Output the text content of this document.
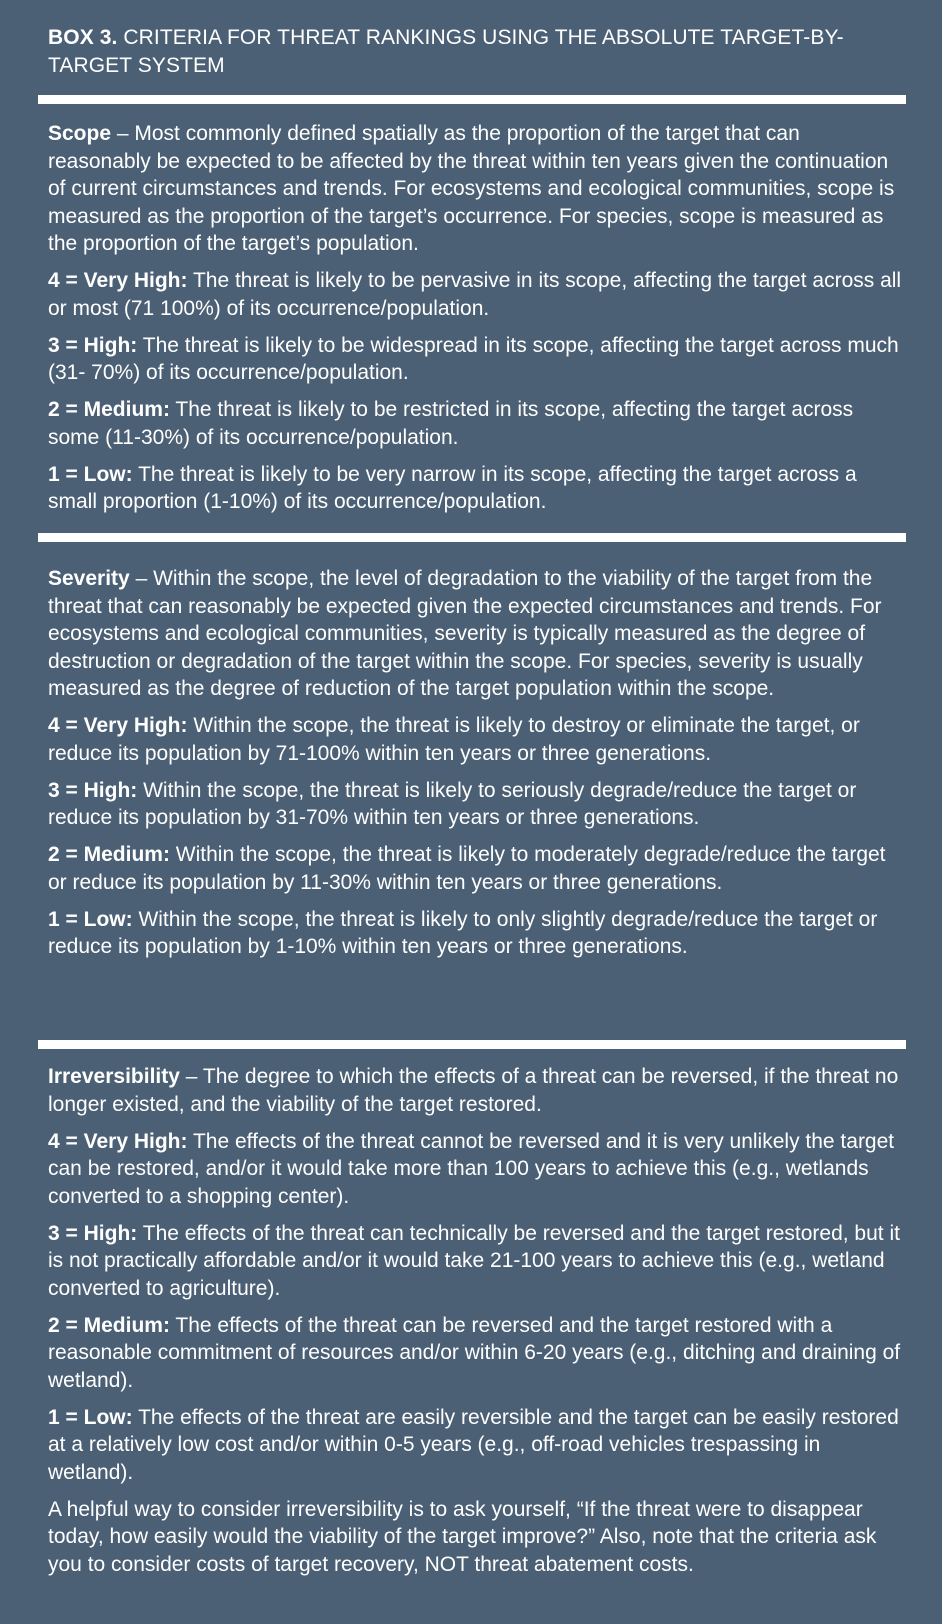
BOX 3. CRITERIA FOR THREAT RANKINGS USING THE ABSOLUTE TARGET-BY-TARGET SYSTEM

Scope – Most commonly defined spatially as the proportion of the target that can reasonably be expected to be affected by the threat within ten years given the continuation of current circumstances and trends. For ecosystems and ecological communities, scope is measured as the proportion of the target’s occurrence. For species, scope is measured as the proportion of the target’s population.

4 = Very High: The threat is likely to be pervasive in its scope, affecting the target across all or most (71 100%) of its occurrence/population.

3 = High: The threat is likely to be widespread in its scope, affecting the target across much (31- 70%) of its occurrence/population.

2 = Medium: The threat is likely to be restricted in its scope, affecting the target across some (11-30%) of its occurrence/population.

1 = Low: The threat is likely to be very narrow in its scope, affecting the target across a small proportion (1-10%) of its occurrence/population.

Severity – Within the scope, the level of degradation to the viability of the target from the threat that can reasonably be expected given the expected circumstances and trends. For ecosystems and ecological communities, severity is typically measured as the degree of destruction or degradation of the target within the scope. For species, severity is usually measured as the degree of reduction of the target population within the scope.

4 = Very High: Within the scope, the threat is likely to destroy or eliminate the target, or reduce its population by 71-100% within ten years or three generations.

3 = High: Within the scope, the threat is likely to seriously degrade/reduce the target or reduce its population by 31-70% within ten years or three generations.

2 = Medium: Within the scope, the threat is likely to moderately degrade/reduce the target or reduce its population by 11-30% within ten years or three generations.

1 = Low: Within the scope, the threat is likely to only slightly degrade/reduce the target or reduce its population by 1-10% within ten years or three generations.

Irreversibility – The degree to which the effects of a threat can be reversed, if the threat no longer existed, and the viability of the target restored.

4 = Very High: The effects of the threat cannot be reversed and it is very unlikely the target can be restored, and/or it would take more than 100 years to achieve this (e.g., wetlands converted to a shopping center).

3 = High: The effects of the threat can technically be reversed and the target restored, but it is not practically affordable and/or it would take 21-100 years to achieve this (e.g., wetland converted to agriculture).

2 = Medium: The effects of the threat can be reversed and the target restored with a reasonable commitment of resources and/or within 6-20 years (e.g., ditching and draining of wetland).

1 = Low: The effects of the threat are easily reversible and the target can be easily restored at a relatively low cost and/or within 0-5 years (e.g., off-road vehicles trespassing in wetland).

A helpful way to consider irreversibility is to ask yourself, “If the threat were to disappear today, how easily would the viability of the target improve?” Also, note that the criteria ask you to consider costs of target recovery, NOT threat abatement costs.
